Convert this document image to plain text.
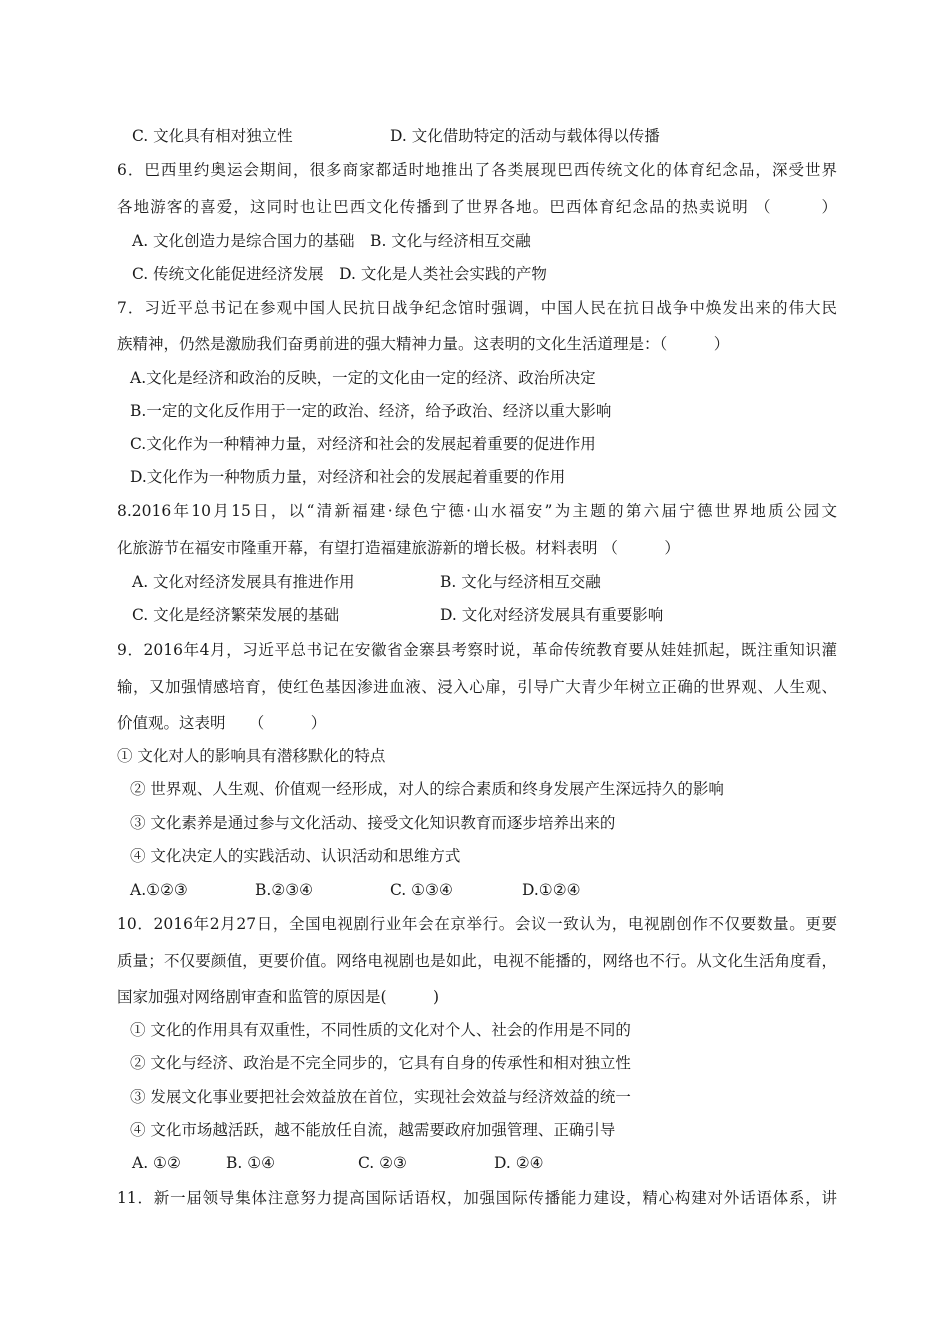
C. 文化具有相对独立性	D. 文化借助特定的活动与载体得以传播
6．巴西里约奥运会期间，很多商家都适时地推出了各类展现巴西传统文化的体育纪念品，深受世界
各地游客的喜爱，这同时也让巴西文化传播到了世界各地。巴西体育纪念品的热卖说明 （　　　）
A. 文化创造力是综合国力的基础　B. 文化与经济相互交融
C. 传统文化能促进经济发展　D. 文化是人类社会实践的产物
7．习近平总书记在参观中国人民抗日战争纪念馆时强调，中国人民在抗日战争中焕发出来的伟大民
族精神，仍然是激励我们奋勇前进的强大精神力量。这表明的文化生活道理是：（　　　）
A.文化是经济和政治的反映，一定的文化由一定的经济、政治所决定
B.一定的文化反作用于一定的政治、经济，给予政治、经济以重大影响
C.文化作为一种精神力量，对经济和社会的发展起着重要的促进作用
D.文化作为一种物质力量，对经济和社会的发展起着重要的作用
8.2016年10月15日，以“清新福建·绿色宁德·山水福安”为主题的第六届宁德世界地质公园文
化旅游节在福安市隆重开幕，有望打造福建旅游新的增长极。材料表明 （　　　）
A. 文化对经济发展具有推进作用	B. 文化与经济相互交融
C. 文化是经济繁荣发展的基础	D. 文化对经济发展具有重要影响
9．2016年4月，习近平总书记在安徽省金寨县考察时说，革命传统教育要从娃娃抓起，既注重知识灌
输，又加强情感培育，使红色基因渗进血液、浸入心扉，引导广大青少年树立正确的世界观、人生观、
价值观。这表明　　（　　　）
① 文化对人的影响具有潜移默化的特点
② 世界观、人生观、价值观一经形成，对人的综合素质和终身发展产生深远持久的影响
③ 文化素养是通过参与文化活动、接受文化知识教育而逐步培养出来的
④ 文化决定人的实践活动、认识活动和思维方式
A.①②③	B.②③④	C. ①③④	D.①②④
10．2016年2月27日，全国电视剧行业年会在京举行。会议一致认为，电视剧创作不仅要数量。更要
质量；不仅要颜值，更要价值。网络电视剧也是如此，电视不能播的，网络也不行。从文化生活角度看，
国家加强对网络剧审查和监管的原因是(　　　)
① 文化的作用具有双重性，不同性质的文化对个人、社会的作用是不同的
② 文化与经济、政治是不完全同步的，它具有自身的传承性和相对独立性
③ 发展文化事业要把社会效益放在首位，实现社会效益与经济效益的统一
④ 文化市场越活跃，越不能放任自流，越需要政府加强管理、正确引导
A. ①②	B. ①④	C. ②③	D. ②④
11．新一届领导集体注意努力提高国际话语权，加强国际传播能力建设，精心构建对外话语体系，讲
